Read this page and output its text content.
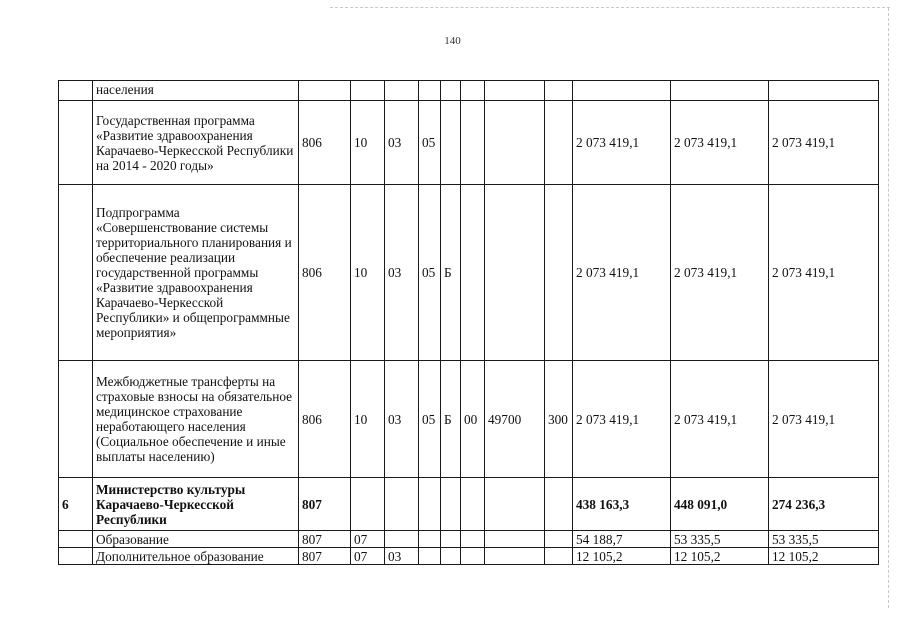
140
	населения											
	Государственная программа «Развитие здравоохранения Карачаево-Черкесской Республики на 2014 - 2020 годы»	806	10	03	05					2 073 419,1	2 073 419,1	2 073 419,1
	Подпрограмма «Совершенствование системы территориального планирования и обеспечение реализации государственной программы «Развитие здравоохранения Карачаево-Черкесской Республики» и общепрограммные мероприятия»	806	10	03	05	Б				2 073 419,1	2 073 419,1	2 073 419,1
	Межбюджетные трансферты на страховые взносы на обязательное медицинское страхование неработающего населения (Социальное обеспечение и иные выплаты населению)	806	10	03	05	Б	00	49700	300	2 073 419,1	2 073 419,1	2 073 419,1
6	Министерство культуры Карачаево-Черкесской Республики	807								438 163,3	448 091,0	274 236,3
	Образование	807	07							54 188,7	53 335,5	53 335,5
	Дополнительное образование	807	07	03						12 105,2	12 105,2	12 105,2
